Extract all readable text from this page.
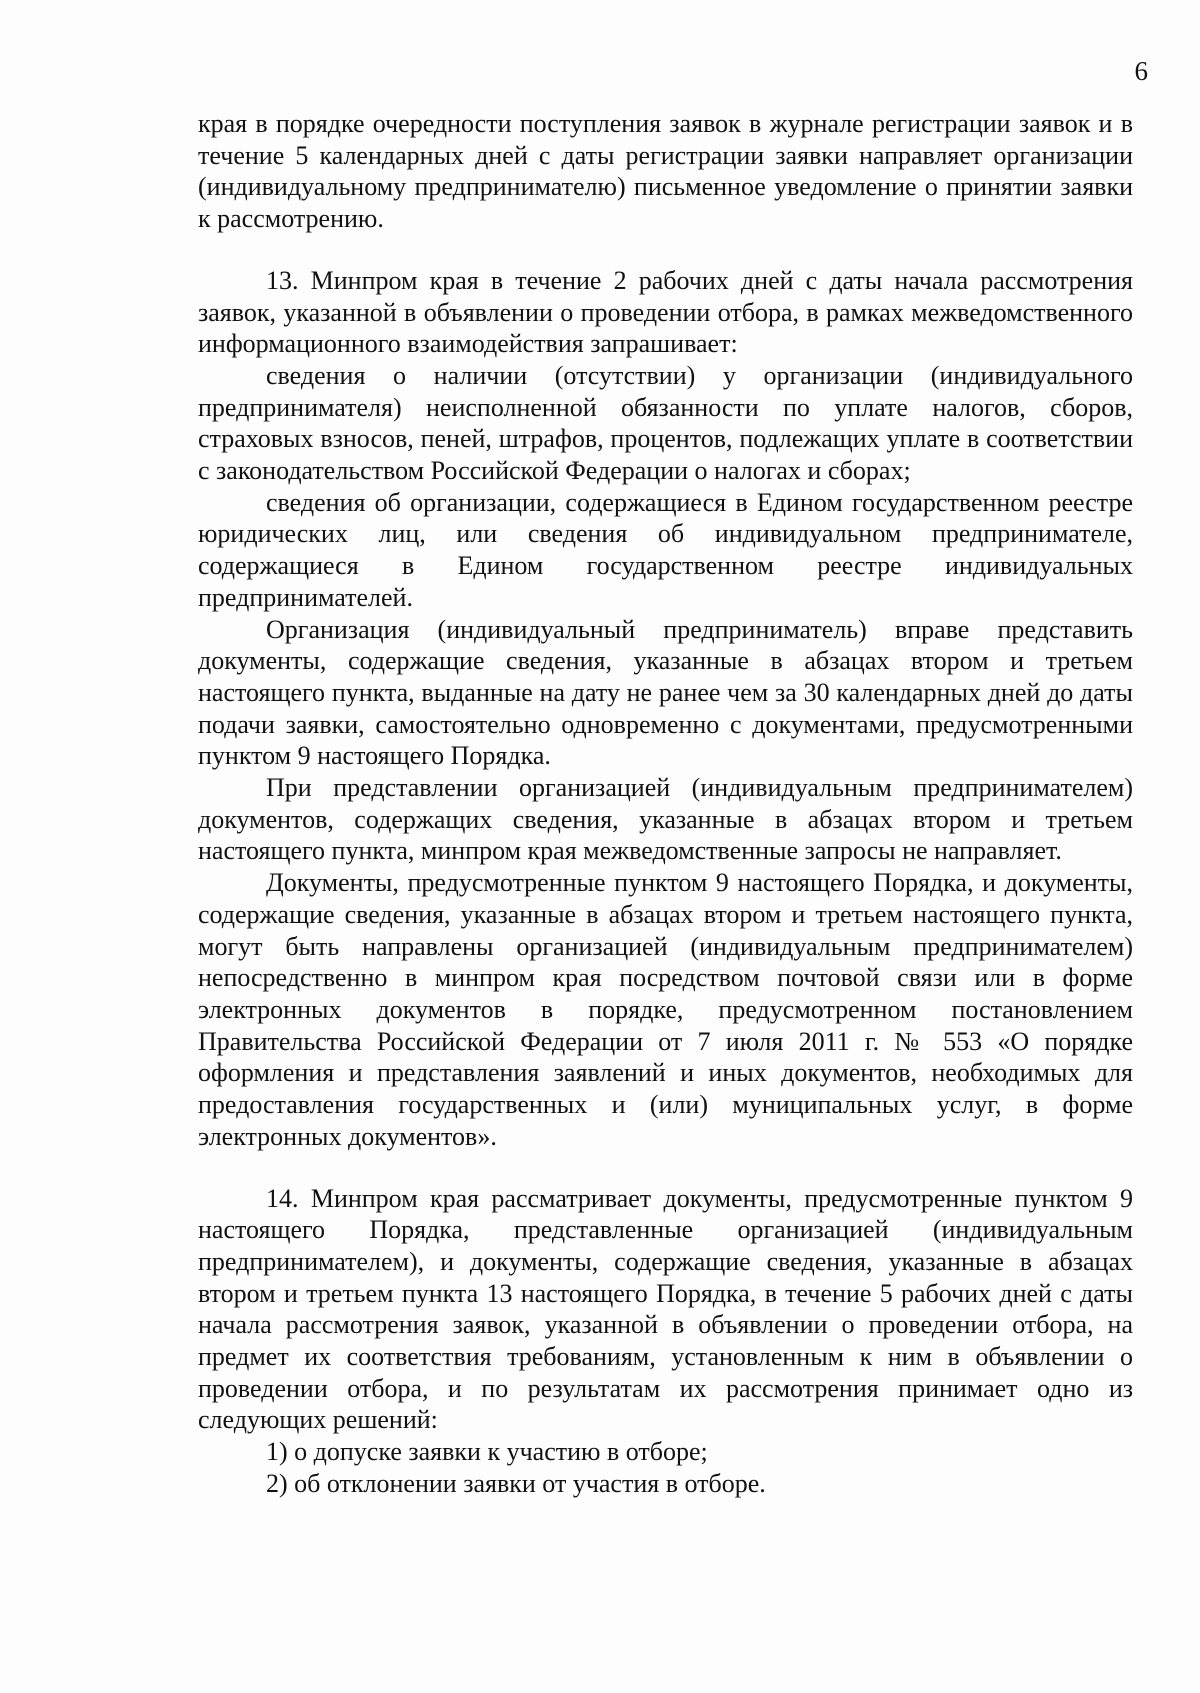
6

края в порядке очередности поступления заявок в журнале регистрации заявок и в течение 5 календарных дней с даты регистрации заявки направляет организации (индивидуальному предпринимателю) письменное уведомление о принятии заявки к рассмотрению.

13. Минпром края в течение 2 рабочих дней с даты начала рассмотрения заявок, указанной в объявлении о проведении отбора, в рамках межведомственного информационного взаимодействия запрашивает:

сведения о наличии (отсутствии) у организации (индивидуального предпринимателя) неисполненной обязанности по уплате налогов, сборов, страховых взносов, пеней, штрафов, процентов, подлежащих уплате в соответствии с законодательством Российской Федерации о налогах и сборах;

сведения об организации, содержащиеся в Едином государственном реестре юридических лиц, или сведения об индивидуальном предпринимателе, содержащиеся в Едином государственном реестре индивидуальных предпринимателей.

Организация (индивидуальный предприниматель) вправе представить документы, содержащие сведения, указанные в абзацах втором и третьем настоящего пункта, выданные на дату не ранее чем за 30 календарных дней до даты подачи заявки, самостоятельно одновременно с документами, предусмотренными пунктом 9 настоящего Порядка.

При представлении организацией (индивидуальным предпринимателем) документов, содержащих сведения, указанные в абзацах втором и третьем настоящего пункта, минпром края межведомственные запросы не направляет.

Документы, предусмотренные пунктом 9 настоящего Порядка, и документы, содержащие сведения, указанные в абзацах втором и третьем настоящего пункта, могут быть направлены организацией (индивидуальным предпринимателем) непосредственно в минпром края посредством почтовой связи или в форме электронных документов в порядке, предусмотренном постановлением Правительства Российской Федерации от 7 июля 2011 г. № 553 «О порядке оформления и представления заявлений и иных документов, необходимых для предоставления государственных и (или) муниципальных услуг, в форме электронных документов».

14. Минпром края рассматривает документы, предусмотренные пунктом 9 настоящего Порядка, представленные организацией (индивидуальным предпринимателем), и документы, содержащие сведения, указанные в абзацах втором и третьем пункта 13 настоящего Порядка, в течение 5 рабочих дней с даты начала рассмотрения заявок, указанной в объявлении о проведении отбора, на предмет их соответствия требованиям, установленным к ним в объявлении о проведении отбора, и по результатам их рассмотрения принимает одно из следующих решений:

1) о допуске заявки к участию в отборе;

2) об отклонении заявки от участия в отборе.
